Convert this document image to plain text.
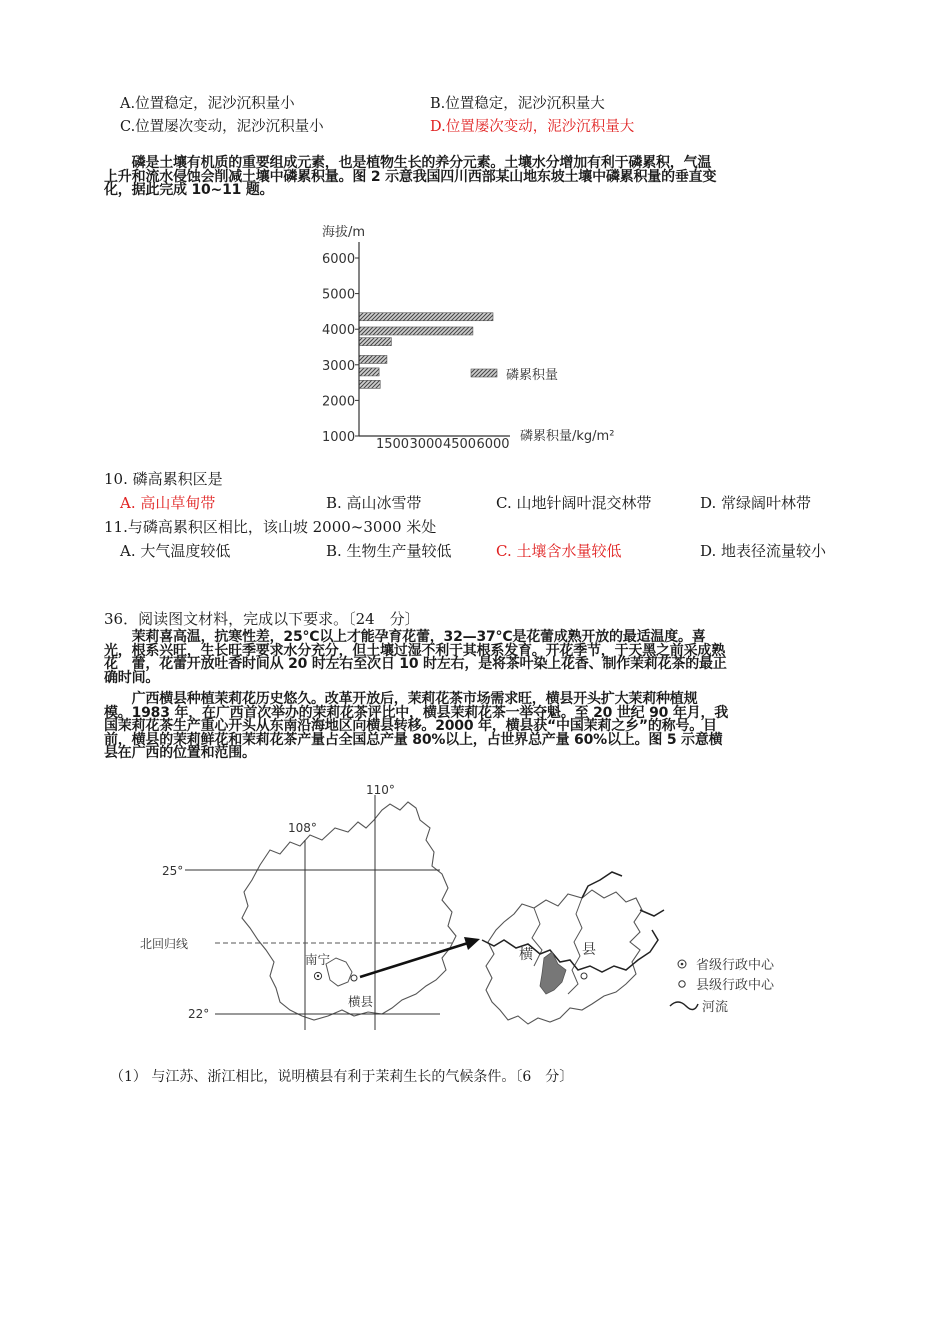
A.位置稳定，泥沙沉积量小	B.位置稳定，泥沙沉积量大
C.位置屡次变动，泥沙沉积量小	D.位置屡次变动，泥沙沉积量大
　　磷是土壤有机质的重要组成元素，也是植物生长的养分元素。土壤水分增加有利于磷累积，气温
上升和流水侵蚀会削减土壤中磷累积量。图 2 示意我国四川西部某山地东坡土壤中磷累积量的垂直变
化，据此完成 10~11 题。
海拔/m
6000
5000
4000
3000
2000
1000 1500 3000 4500 6000
磷累积量
磷累积量/kg/m²
10. 磷高累积区是
A. 高山草甸带	B. 高山冰雪带	C. 山地针阔叶混交林带	D. 常绿阔叶林带
11.与磷高累积区相比，该山坡 2000~3000 米处
A. 大气温度较低	B. 生物生产量较低	C. 土壤含水量较低	D. 地表径流量较小
36．阅读图文材料，完成以下要求。〔24　分〕
　　茉莉喜高温，抗寒性差，25°C以上才能孕育花蕾，32—37°C是花蕾成熟开放的最适温度。喜
光，根系兴旺，生长旺季要求水分充分，但土壤过湿不利于其根系发育。开花季节，于天黑之前采成熟
花　蕾，花蕾开放吐香时间从 20 时左右至次日 10 时左右，是将茶叶染上花香、制作茉莉花茶的最正
确时间。
　　广西横县种植茉莉花历史悠久。改革开放后，茉莉花茶市场需求旺，横县开头扩大茉莉种植规
模。1983 年，在广西首次举办的茉莉花茶评比中，横县茉莉花茶一举夺魁。至 20 世纪 90 年月，我
国茉莉花茶生产重心开头从东南沿海地区向横县转移。2000 年，横县获“中国茉莉之乡”的称号。目
前，横县的茉莉鲜花和茉莉花茶产量占全国总产量 80%以上，占世界总产量 60%以上。图 5 示意横
县在广西的位置和范围。
110°
108°
25°
22°
北回归线
南宁
横县
横	县
省级行政中心
县级行政中心
河流
（1） 与江苏、浙江相比，说明横县有利于茉莉生长的气候条件。〔6　分〕
